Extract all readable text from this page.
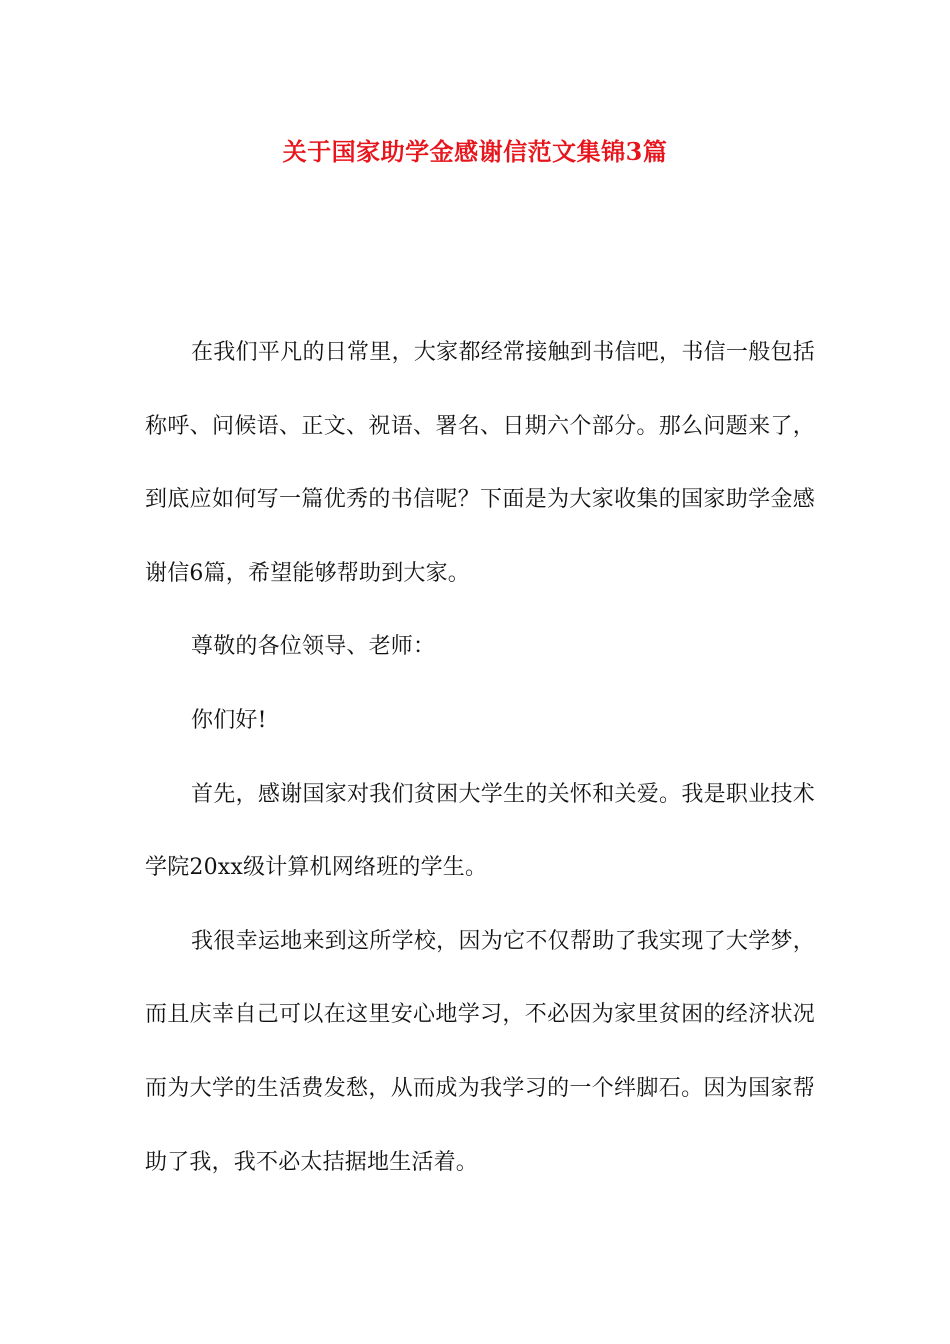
关于国家助学金感谢信范文集锦3篇

在我们平凡的日常里，大家都经常接触到书信吧，书信一般包括称呼、问候语、正文、祝语、署名、日期六个部分。那么问题来了，到底应如何写一篇优秀的书信呢？下面是为大家收集的国家助学金感谢信6篇，希望能够帮助到大家。

尊敬的各位领导、老师：

你们好!

首先，感谢国家对我们贫困大学生的关怀和关爱。我是职业技术学院20xx级计算机网络班的学生。

我很幸运地来到这所学校，因为它不仅帮助了我实现了大学梦，而且庆幸自己可以在这里安心地学习，不必因为家里贫困的经济状况而为大学的生活费发愁，从而成为我学习的一个绊脚石。因为国家帮助了我，我不必太拮据地生活着。
